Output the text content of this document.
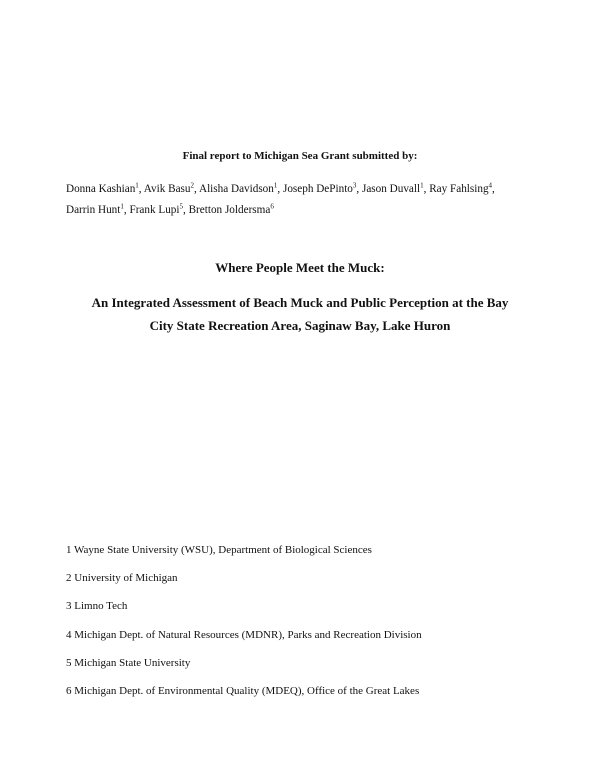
Final report to Michigan Sea Grant submitted by:
Donna Kashian$^1$, Avik Basu$^2$, Alisha Davidson$^1$, Joseph DePinto$^3$, Jason Duvall$^1$, Ray Fahlsing$^4$,
Darrin Hunt$^1$, Frank Lupi$^5$, Bretton Joldersma$^6$
Where People Meet the Muck:
An Integrated Assessment of Beach Muck and Public Perception at the Bay
City State Recreation Area, Saginaw Bay, Lake Huron
1 Wayne State University (WSU), Department of Biological Sciences
2 University of Michigan
3 Limno Tech
4 Michigan Dept. of Natural Resources (MDNR), Parks and Recreation Division
5 Michigan State University
6 Michigan Dept. of Environmental Quality (MDEQ), Office of the Great Lakes
